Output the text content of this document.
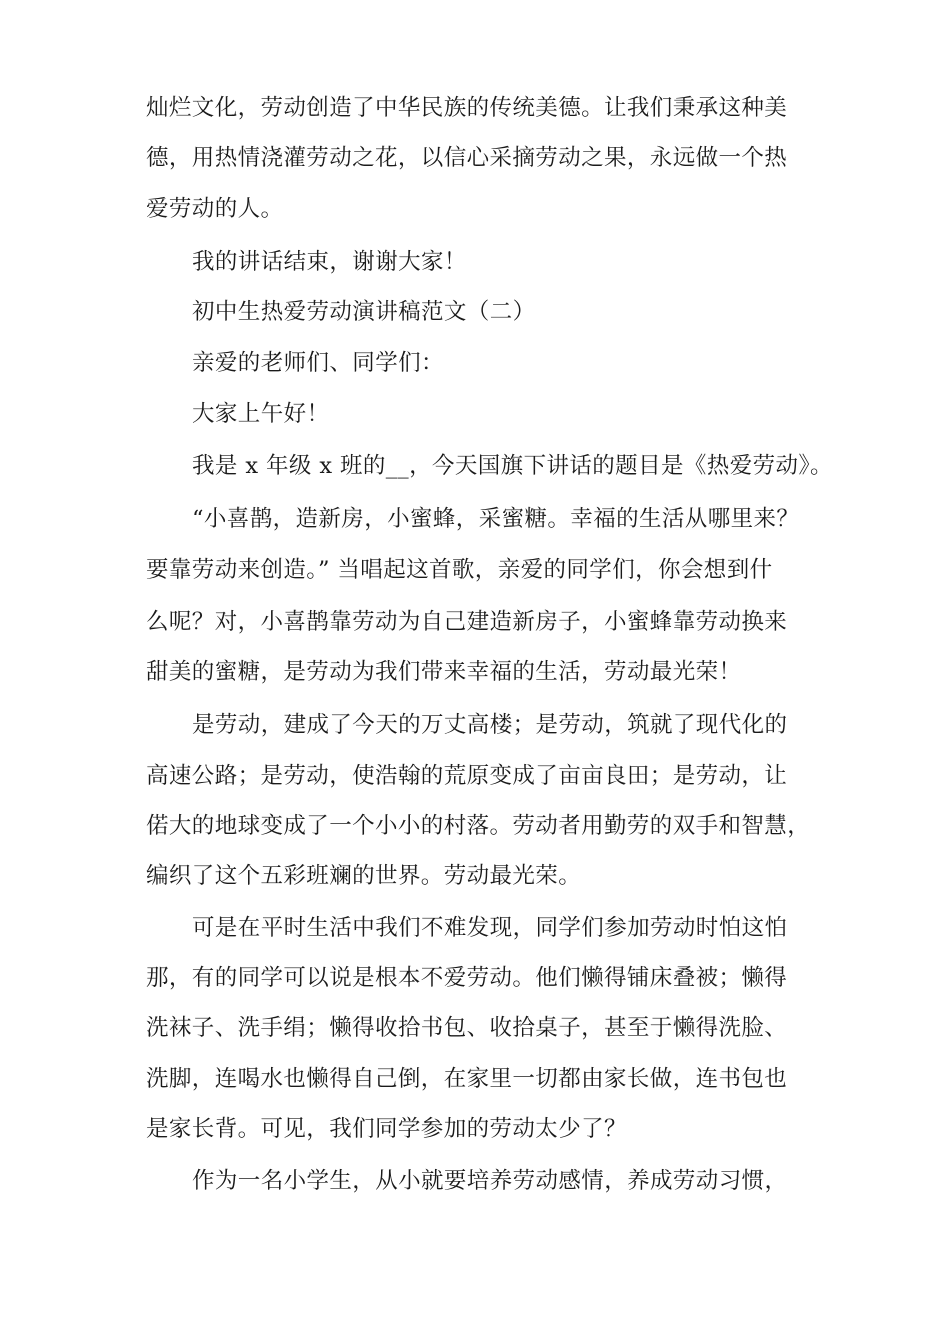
灿烂文化，劳动创造了中华民族的传统美德。让我们秉承这种美
德，用热情浇灌劳动之花，以信心采摘劳动之果，永远做一个热
爱劳动的人。
我的讲话结束，谢谢大家！
初中生热爱劳动演讲稿范文（二）
亲爱的老师们、同学们：
大家上午好！
我是 x 年级 x 班的__，今天国旗下讲话的题目是《热爱劳动》。
“小喜鹊，造新房，小蜜蜂，采蜜糖。幸福的生活从哪里来？
要靠劳动来创造。” 当唱起这首歌，亲爱的同学们，你会想到什
么呢？对，小喜鹊靠劳动为自己建造新房子，小蜜蜂靠劳动换来
甜美的蜜糖，是劳动为我们带来幸福的生活，劳动最光荣！
是劳动，建成了今天的万丈高楼；是劳动，筑就了现代化的
高速公路；是劳动，使浩翰的荒原变成了亩亩良田；是劳动，让
偌大的地球变成了一个小小的村落。劳动者用勤劳的双手和智慧，
编织了这个五彩班斓的世界。劳动最光荣。
可是在平时生活中我们不难发现，同学们参加劳动时怕这怕
那，有的同学可以说是根本不爱劳动。他们懒得铺床叠被；懒得
洗袜子、洗手绢；懒得收拾书包、收拾桌子，甚至于懒得洗脸、
洗脚，连喝水也懒得自己倒，在家里一切都由家长做，连书包也
是家长背。可见，我们同学参加的劳动太少了？
作为一名小学生，从小就要培养劳动感情，养成劳动习惯，
